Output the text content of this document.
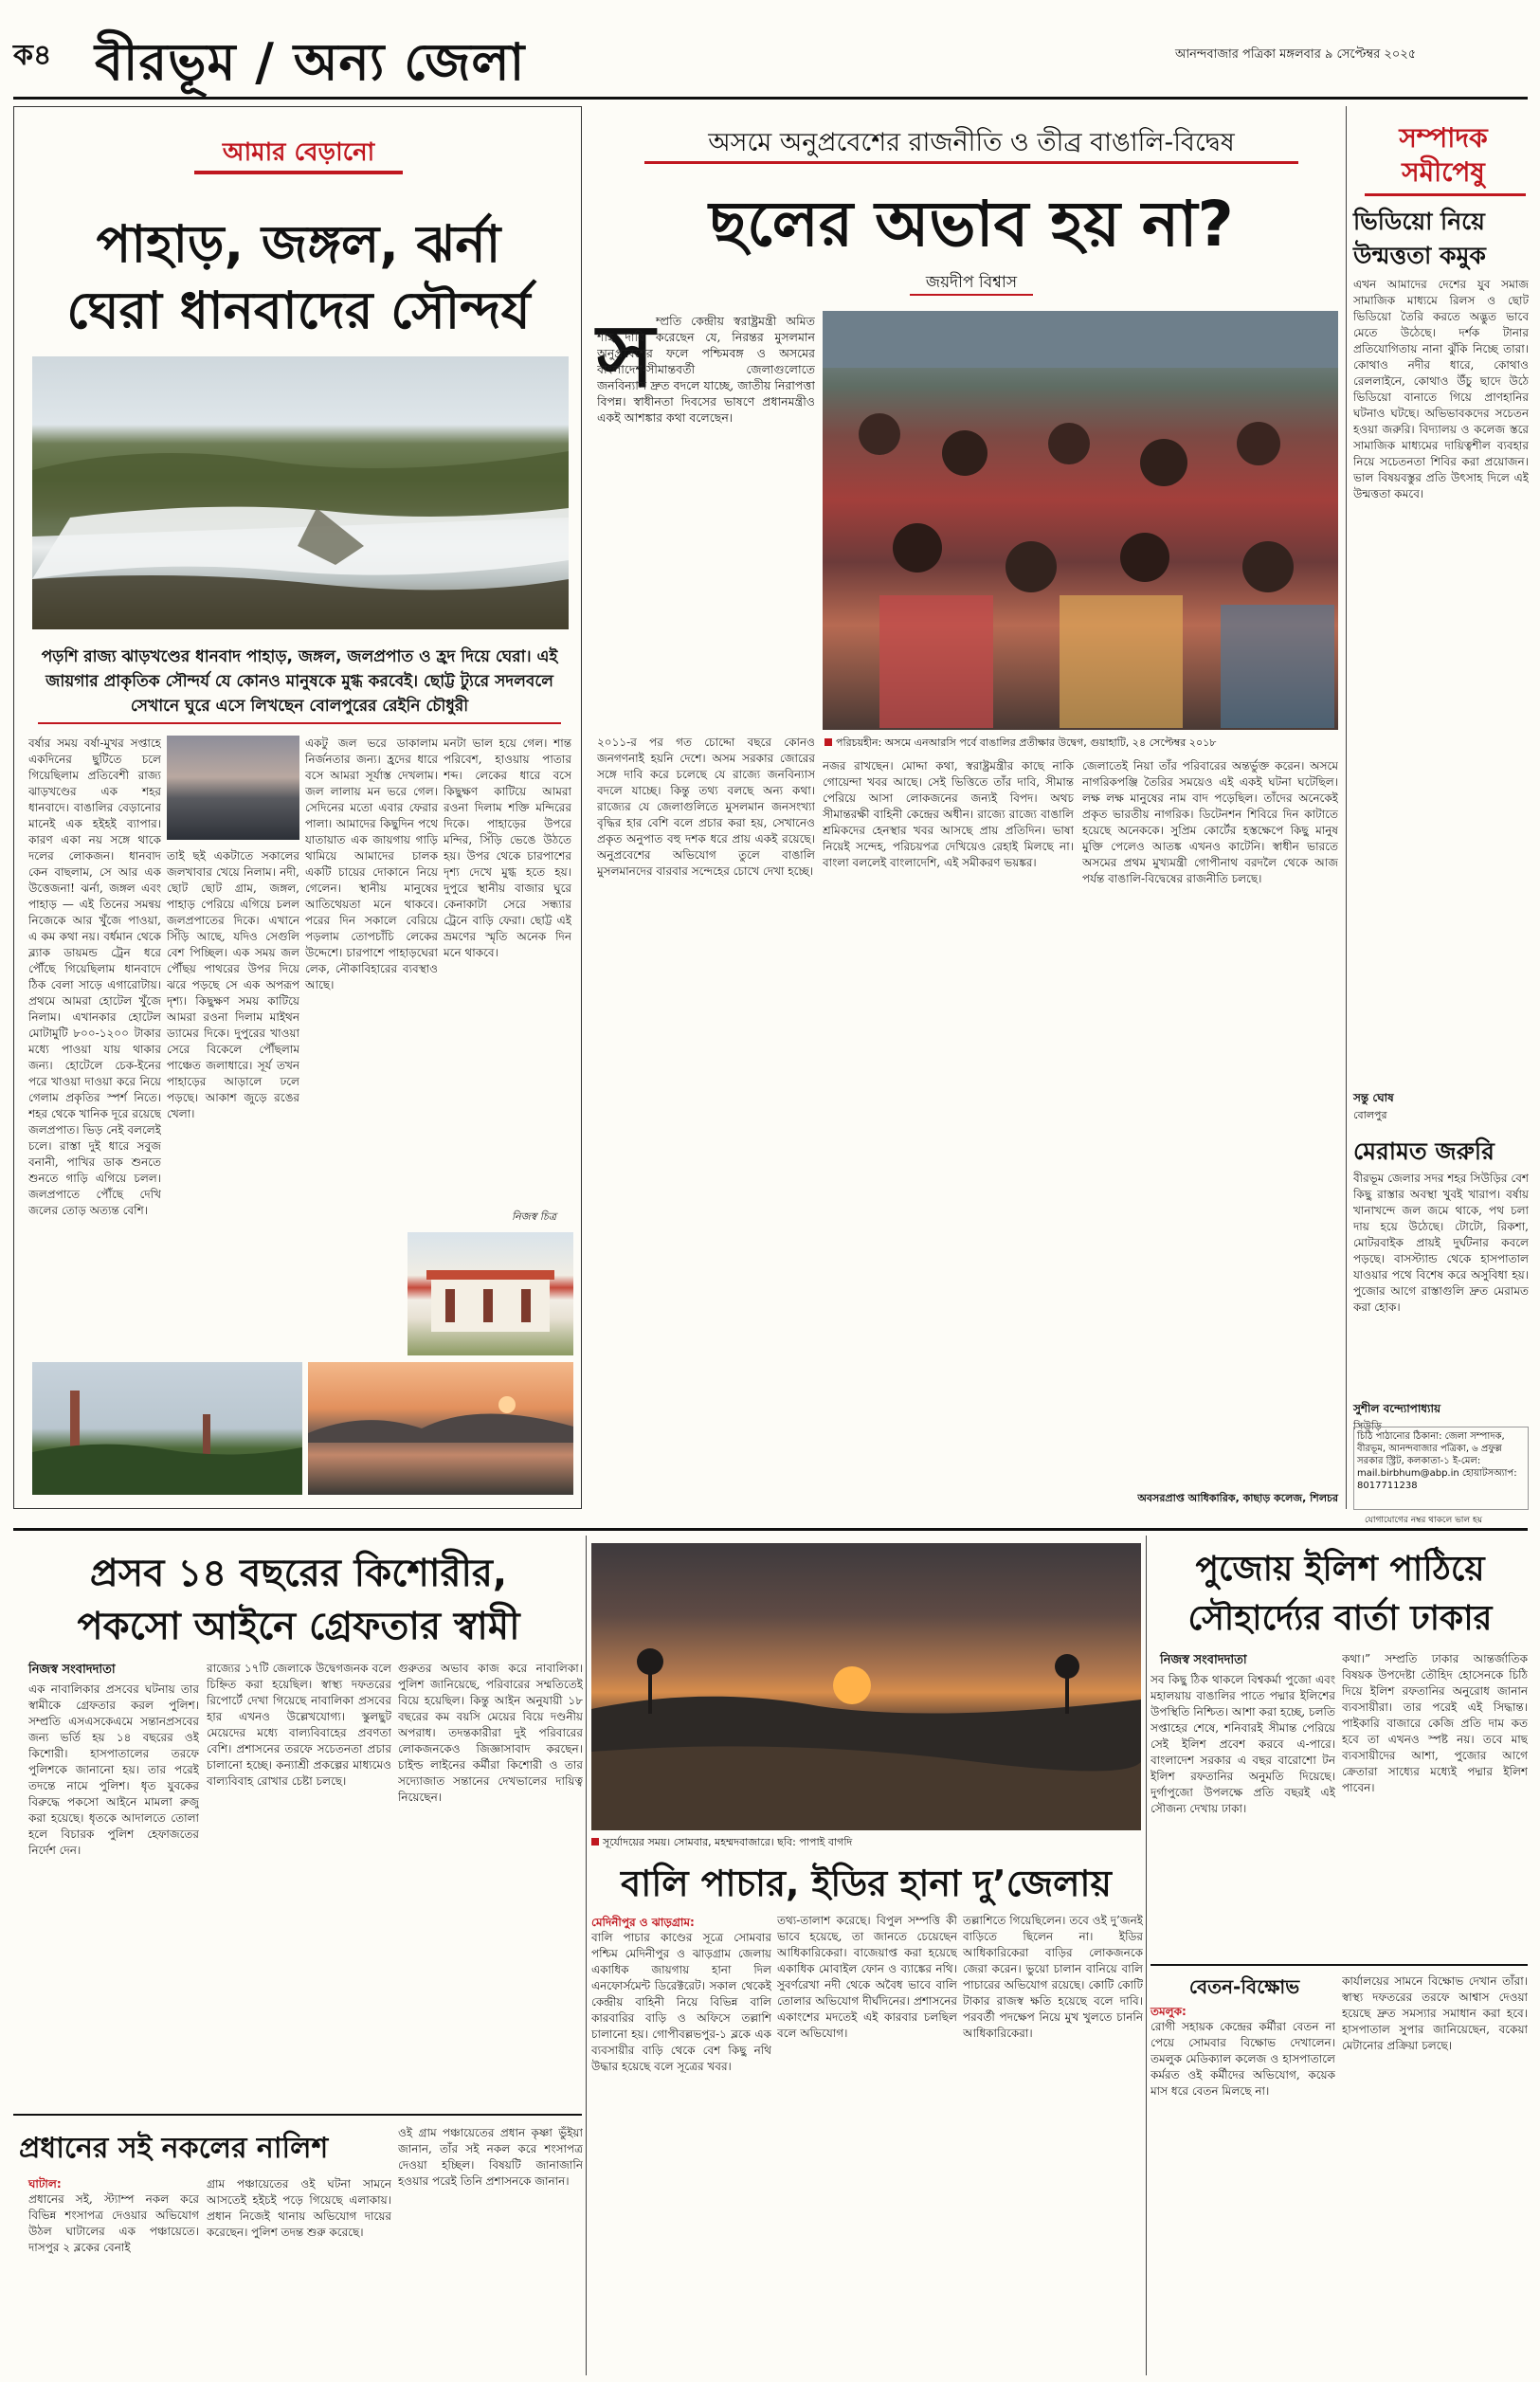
ক৪ বীরভূম / অন্য জেলা	আনন্দবাজার পত্রিকা মঙ্গলবার ৯ সেপ্টেম্বর ২০২৫
আমার বেড়ানো
পাহাড়, জঙ্গল, ঝর্না
ঘেরা ধানবাদের সৌন্দর্য
পড়শি রাজ্য ঝাড়খণ্ডের ধানবাদ পাহাড়, জঙ্গল, জলপ্রপাত ও হ্রদ দিয়ে ঘেরা। এই জায়গার প্রাকৃতিক সৌন্দর্য যে কোনও মানুষকে মুগ্ধ করবেই। ছোট্ট ট্যুরে সদলবলে সেখানে ঘুরে এসে লিখছেন বোলপুরের রেইনি চৌধুরী
বর্ষার সময় বর্ষা-মুখর সপ্তাহে একদিনের ছুটিতে চলে গিয়েছিলাম প্রতিবেশী রাজ্য ঝাড়খণ্ডের এক শহর ধানবাদে। বাঙালির বেড়ানোর মানেই এক হইহই ব্যাপার। কারণ একা নয় সঙ্গে থাকে দলের লোকজন। ধানবাদ কেন বাছলাম, সে আর এক উত্তেজনা! ঝর্না, জঙ্গল এবং পাহাড় — এই তিনের সমন্বয় নিজেকে আর খুঁজে পাওয়া, এ কম কথা নয়। বর্ধমান থেকে ব্ল্যাক ডায়মন্ড ট্রেন ধরে পৌঁছে গিয়েছিলাম ধানবাদে ঠিক বেলা সাড়ে এগারোটায়। প্রথমে আমরা হোটেল খুঁজে নিলাম। এখানকার হোটেল মোটামুটি ৮০০-১২০০ টাকার মধ্যে পাওয়া যায় থাকার জন্য। হোটেলে চেক-ইনের পরে খাওয়া দাওয়া করে নিয়ে গেলাম প্রকৃতির স্পর্শ নিতে। শহর থেকে খানিক দূরে রয়েছে জলপ্রপাত। ভিড় নেই বললেই চলে। রাস্তা দুই ধারে সবুজ বনানী, পাখির ডাক শুনতে শুনতে গাড়ি এগিয়ে চলল। জলপ্রপাতে পৌঁছে দেখি জলের তোড় অত্যন্ত বেশি।
তাই ছই একটাতে সকালের জলখাবার খেয়ে নিলাম। নদী, ছোট ছোট গ্রাম, জঙ্গল, পাহাড় পেরিয়ে এগিয়ে চলল জলপ্রপাতের দিকে। এখানে সিঁড়ি আছে, যদিও সেগুলি বেশ পিচ্ছিল। এক সময় জল পৌঁছয় পাথরের উপর দিয়ে ঝরে পড়ছে সে এক অপরূপ দৃশ্য। কিছুক্ষণ সময় কাটিয়ে আমরা রওনা দিলাম মাইথন ড্যামের দিকে। দুপুরের খাওয়া সেরে বিকেলে পৌঁছলাম পাঞ্চেত জলাধারে। সূর্য তখন পাহাড়ের আড়ালে ঢলে পড়ছে। আকাশ জুড়ে রঙের খেলা।
একটু জল ভরে ডাকালাম নির্জনতার জন্য। হ্রদের ধারে বসে আমরা সূর্যাস্ত দেখলাম। জল লালায় মন ভরে গেল। সেদিনের মতো এবার ফেরার পালা। আমাদের কিছুদিন পথে যাতায়াত এক জায়গায় গাড়ি থামিয়ে আমাদের চালক একটি চায়ের দোকানে নিয়ে গেলেন। স্থানীয় মানুষের আতিথেয়তা মনে থাকবে। পরের দিন সকালে বেরিয়ে পড়লাম তোপচাঁচি লেকের উদ্দেশে। চারপাশে পাহাড়ঘেরা লেক, নৌকাবিহারের ব্যবস্থাও আছে।
মনটা ভাল হয়ে গেল। শান্ত পরিবেশ, হাওয়ায় পাতার শব্দ। লেকের ধারে বসে কিছুক্ষণ কাটিয়ে আমরা রওনা দিলাম শক্তি মন্দিরের দিকে। পাহাড়ের উপরে মন্দির, সিঁড়ি ভেঙে উঠতে হয়। উপর থেকে চারপাশের দৃশ্য দেখে মুগ্ধ হতে হয়। দুপুরে স্থানীয় বাজার ঘুরে কেনাকাটা সেরে সন্ধ্যার ট্রেনে বাড়ি ফেরা। ছোট্ট এই ভ্রমণের স্মৃতি অনেক দিন মনে থাকবে।
নিজস্ব চিত্র
অসমে অনুপ্রবেশের রাজনীতি ও তীব্র বাঙালি-বিদ্বেষ
ছলের অভাব হয় না?
জয়দীপ বিশ্বাস
স ম্প্রতি কেন্দ্রীয় স্বরাষ্ট্রমন্ত্রী অমিত শাহ দাবি করেছেন যে, নিরন্তর মুসলমান অনুপ্রবেশের ফলে পশ্চিমবঙ্গ ও অসমের বাংলাদেশ-সীমান্তবর্তী জেলাগুলোতে জনবিন্যাস দ্রুত বদলে যাচ্ছে, জাতীয় নিরাপত্তা বিপন্ন। স্বাধীনতা দিবসের ভাষণে প্রধানমন্ত্রীও একই আশঙ্কার কথা বলেছেন।
পরিচয়হীন: অসমে এনআরসি পর্বে বাঙালির প্রতীক্ষার উদ্বেগ, গুয়াহাটি, ২৪ সেপ্টেম্বর ২০১৮
২০১১-র পর গত চোদ্দো বছরে কোনও জনগণনাই হয়নি দেশে। অসম সরকার জোরের সঙ্গে দাবি করে চলেছে যে রাজ্যে জনবিন্যাস বদলে যাচ্ছে। কিন্তু তথ্য বলছে অন্য কথা। রাজ্যের যে জেলাগুলিতে মুসলমান জনসংখ্যা বৃদ্ধির হার বেশি বলে প্রচার করা হয়, সেখানেও প্রকৃত অনুপাত বহু দশক ধরে প্রায় একই রয়েছে। অনুপ্রবেশের অভিযোগ তুলে বাঙালি মুসলমানদের বারবার সন্দেহের চোখে দেখা হচ্ছে।
নজর রাখছেন। মোদ্দা কথা, স্বরাষ্ট্রমন্ত্রীর কাছে নাকি গোয়েন্দা খবর আছে। সেই ভিত্তিতে তাঁর দাবি, সীমান্ত পেরিয়ে আসা লোকজনের জন্যই বিপদ। অথচ সীমান্তরক্ষী বাহিনী কেন্দ্রের অধীন। রাজ্যে রাজ্যে বাঙালি শ্রমিকদের হেনস্থার খবর আসছে প্রায় প্রতিদিন। ভাষা নিয়েই সন্দেহ, পরিচয়পত্র দেখিয়েও রেহাই মিলছে না। বাংলা বললেই বাংলাদেশি, এই সমীকরণ ভয়ঙ্কর।
জেলাতেই নিয়া তাঁর পরিবারের অন্তর্ভুক্ত করেন। অসমে নাগরিকপঞ্জি তৈরির সময়েও এই একই ঘটনা ঘটেছিল। লক্ষ লক্ষ মানুষের নাম বাদ পড়েছিল। তাঁদের অনেকেই প্রকৃত ভারতীয় নাগরিক। ডিটেনশন শিবিরে দিন কাটাতে হয়েছে অনেককে। সুপ্রিম কোর্টের হস্তক্ষেপে কিছু মানুষ মুক্তি পেলেও আতঙ্ক এখনও কাটেনি। স্বাধীন ভারতে অসমের প্রথম মুখ্যমন্ত্রী গোপীনাথ বরদলৈ থেকে আজ পর্যন্ত বাঙালি-বিদ্বেষের রাজনীতি চলছে।
অবসরপ্রাপ্ত আধিকারিক, কাছাড় কলেজ, শিলচর
সম্পাদক
সমীপেষু
ভিডিয়ো নিয়ে
উন্মত্ততা কমুক
এখন আমাদের দেশের যুব সমাজ সামাজিক মাধ্যমে রিলস ও ছোট ভিডিয়ো তৈরি করতে অদ্ভুত ভাবে মেতে উঠেছে। দর্শক টানার প্রতিযোগিতায় নানা ঝুঁকি নিচ্ছে তারা। কোথাও নদীর ধারে, কোথাও রেললাইনে, কোথাও উঁচু ছাদে উঠে ভিডিয়ো বানাতে গিয়ে প্রাণহানির ঘটনাও ঘটছে। অভিভাবকদের সচেতন হওয়া জরুরি। বিদ্যালয় ও কলেজ স্তরে সামাজিক মাধ্যমের দায়িত্বশীল ব্যবহার নিয়ে সচেতনতা শিবির করা প্রয়োজন। ভাল বিষয়বস্তুর প্রতি উৎসাহ দিলে এই উন্মত্ততা কমবে।
সন্তু ঘোষ
বোলপুর
মেরামত জরুরি
বীরভূম জেলার সদর শহর সিউড়ির বেশ কিছু রাস্তার অবস্থা খুবই খারাপ। বর্ষায় খানাখন্দে জল জমে থাকে, পথ চলা দায় হয়ে উঠেছে। টোটো, রিকশা, মোটরবাইক প্রায়ই দুর্ঘটনার কবলে পড়ছে। বাসস্ট্যান্ড থেকে হাসপাতাল যাওয়ার পথে বিশেষ করে অসুবিধা হয়। পুজোর আগে রাস্তাগুলি দ্রুত মেরামত করা হোক।
সুশীল বন্দ্যোপাধ্যায়
সিউড়ি
চিঠি পাঠানোর ঠিকানা: জেলা সম্পাদক, বীরভূম, আনন্দবাজার পত্রিকা, ৬ প্রফুল্ল সরকার স্ট্রিট, কলকাতা-১ ই-মেল: mail.birbhum@abp.in হোয়াটসঅ্যাপ: 8017711238
যোগাযোগের নম্বর থাকলে ভাল হয়
প্রসব ১৪ বছরের কিশোরীর,
পকসো আইনে গ্রেফতার স্বামী
নিজস্ব সংবাদদাতা
এক নাবালিকার প্রসবের ঘটনায় তার স্বামীকে গ্রেফতার করল পুলিশ। সম্প্রতি এসএসকেএমে সন্তানপ্রসবের জন্য ভর্তি হয় ১৪ বছরের ওই কিশোরী। হাসপাতালের তরফে পুলিশকে জানানো হয়। তার পরেই তদন্তে নামে পুলিশ। ধৃত যুবকের বিরুদ্ধে পকসো আইনে মামলা রুজু করা হয়েছে। ধৃতকে আদালতে তোলা হলে বিচারক পুলিশ হেফাজতের নির্দেশ দেন।
রাজ্যের ১৭টি জেলাকে উদ্বেগজনক বলে চিহ্নিত করা হয়েছিল। স্বাস্থ্য দফতরের রিপোর্টে দেখা গিয়েছে নাবালিকা প্রসবের হার এখনও উল্লেখযোগ্য। স্কুলছুট মেয়েদের মধ্যে বাল্যবিবাহের প্রবণতা বেশি। প্রশাসনের তরফে সচেতনতা প্রচার চালানো হচ্ছে। কন্যাশ্রী প্রকল্পের মাধ্যমেও বাল্যবিবাহ রোখার চেষ্টা চলছে।
গুরুতর অভাব কাজ করে নাবালিকা। পুলিশ জানিয়েছে, পরিবারের সম্মতিতেই বিয়ে হয়েছিল। কিন্তু আইন অনুযায়ী ১৮ বছরের কম বয়সি মেয়ের বিয়ে দণ্ডনীয় অপরাধ। তদন্তকারীরা দুই পরিবারের লোকজনকেও জিজ্ঞাসাবাদ করছেন। চাইল্ড লাইনের কর্মীরা কিশোরী ও তার সদ্যোজাত সন্তানের দেখভালের দায়িত্ব নিয়েছেন।
সূর্যোদয়ের সময়। সোমবার, মহম্মদবাজারে। ছবি: পাপাই বাগদি
বালি পাচার, ইডির হানা দু’জেলায়
মেদিনীপুর ও ঝাড়গ্রাম:
বালি পাচার কাণ্ডের সূত্রে সোমবার পশ্চিম মেদিনীপুর ও ঝাড়গ্রাম জেলায় একাধিক জায়গায় হানা দিল এনফোর্সমেন্ট ডিরেক্টরেট। সকাল থেকেই কেন্দ্রীয় বাহিনী নিয়ে বিভিন্ন বালি কারবারির বাড়ি ও অফিসে তল্লাশি চালানো হয়। গোপীবল্লভপুর-১ ব্লকে এক ব্যবসায়ীর বাড়ি থেকে বেশ কিছু নথি উদ্ধার হয়েছে বলে সূত্রের খবর।
তথ্য-তালাশ করেছে। বিপুল সম্পত্তি কী ভাবে হয়েছে, তা জানতে চেয়েছেন আধিকারিকেরা। বাজেয়াপ্ত করা হয়েছে একাধিক মোবাইল ফোন ও ব্যাঙ্কের নথি। সুবর্ণরেখা নদী থেকে অবৈধ ভাবে বালি তোলার অভিযোগ দীর্ঘদিনের। প্রশাসনের একাংশের মদতেই এই কারবার চলছিল বলে অভিযোগ।
তল্লাশিতে গিয়েছিলেন। তবে ওই দু’জনই বাড়িতে ছিলেন না। ইডির আধিকারিকেরা বাড়ির লোকজনকে জেরা করেন। ভুয়ো চালান বানিয়ে বালি পাচারের অভিযোগ রয়েছে। কোটি কোটি টাকার রাজস্ব ক্ষতি হয়েছে বলে দাবি। পরবর্তী পদক্ষেপ নিয়ে মুখ খুলতে চাননি আধিকারিকেরা।
পুজোয় ইলিশ পাঠিয়ে
সৌহার্দ্যের বার্তা ঢাকার
নিজস্ব সংবাদদাতা
সব কিছু ঠিক থাকলে বিশ্বকর্মা পুজো এবং মহালয়ায় বাঙালির পাতে পদ্মার ইলিশের উপস্থিতি নিশ্চিত। আশা করা হচ্ছে, চলতি সপ্তাহের শেষে, শনিবারই সীমান্ত পেরিয়ে সেই ইলিশ প্রবেশ করবে এ-পারে। বাংলাদেশ সরকার এ বছর বারোশো টন ইলিশ রফতানির অনুমতি দিয়েছে। দুর্গাপুজো উপলক্ষে প্রতি বছরই এই সৌজন্য দেখায় ঢাকা।
কথা।” সম্প্রতি ঢাকার আন্তর্জাতিক বিষয়ক উপদেষ্টা তৌহিদ হোসেনকে চিঠি দিয়ে ইলিশ রফতানির অনুরোধ জানান ব্যবসায়ীরা। তার পরেই এই সিদ্ধান্ত। পাইকারি বাজারে কেজি প্রতি দাম কত হবে তা এখনও স্পষ্ট নয়। তবে মাছ ব্যবসায়ীদের আশা, পুজোর আগে ক্রেতারা সাধ্যের মধ্যেই পদ্মার ইলিশ পাবেন।
বেতন-বিক্ষোভ
তমলুক:
রোগী সহায়ক কেন্দ্রের কর্মীরা বেতন না পেয়ে সোমবার বিক্ষোভ দেখালেন। তমলুক মেডিক্যাল কলেজ ও হাসপাতালে কর্মরত ওই কর্মীদের অভিযোগ, কয়েক মাস ধরে বেতন মিলছে না।
কার্যালয়ের সামনে বিক্ষোভ দেখান তাঁরা। স্বাস্থ্য দফতরের তরফে আশ্বাস দেওয়া হয়েছে দ্রুত সমস্যার সমাধান করা হবে। হাসপাতাল সুপার জানিয়েছেন, বকেয়া মেটানোর প্রক্রিয়া চলছে।
প্রধানের সই নকলের নালিশ
ঘাটাল:
প্রধানের সই, স্ট্যাম্প নকল করে বিভিন্ন শংসাপত্র দেওয়ার অভিযোগ উঠল ঘাটালের এক পঞ্চায়েতে। দাসপুর ২ ব্লকের বেনাই
গ্রাম পঞ্চায়েতের ওই ঘটনা সামনে আসতেই হইচই পড়ে গিয়েছে এলাকায়। প্রধান নিজেই থানায় অভিযোগ দায়ের করেছেন। পুলিশ তদন্ত শুরু করেছে।
ওই গ্রাম পঞ্চায়েতের প্রধান কৃষ্ণা ভুঁইয়া জানান, তাঁর সই নকল করে শংসাপত্র দেওয়া হচ্ছিল। বিষয়টি জানাজানি হওয়ার পরেই তিনি প্রশাসনকে জানান।
